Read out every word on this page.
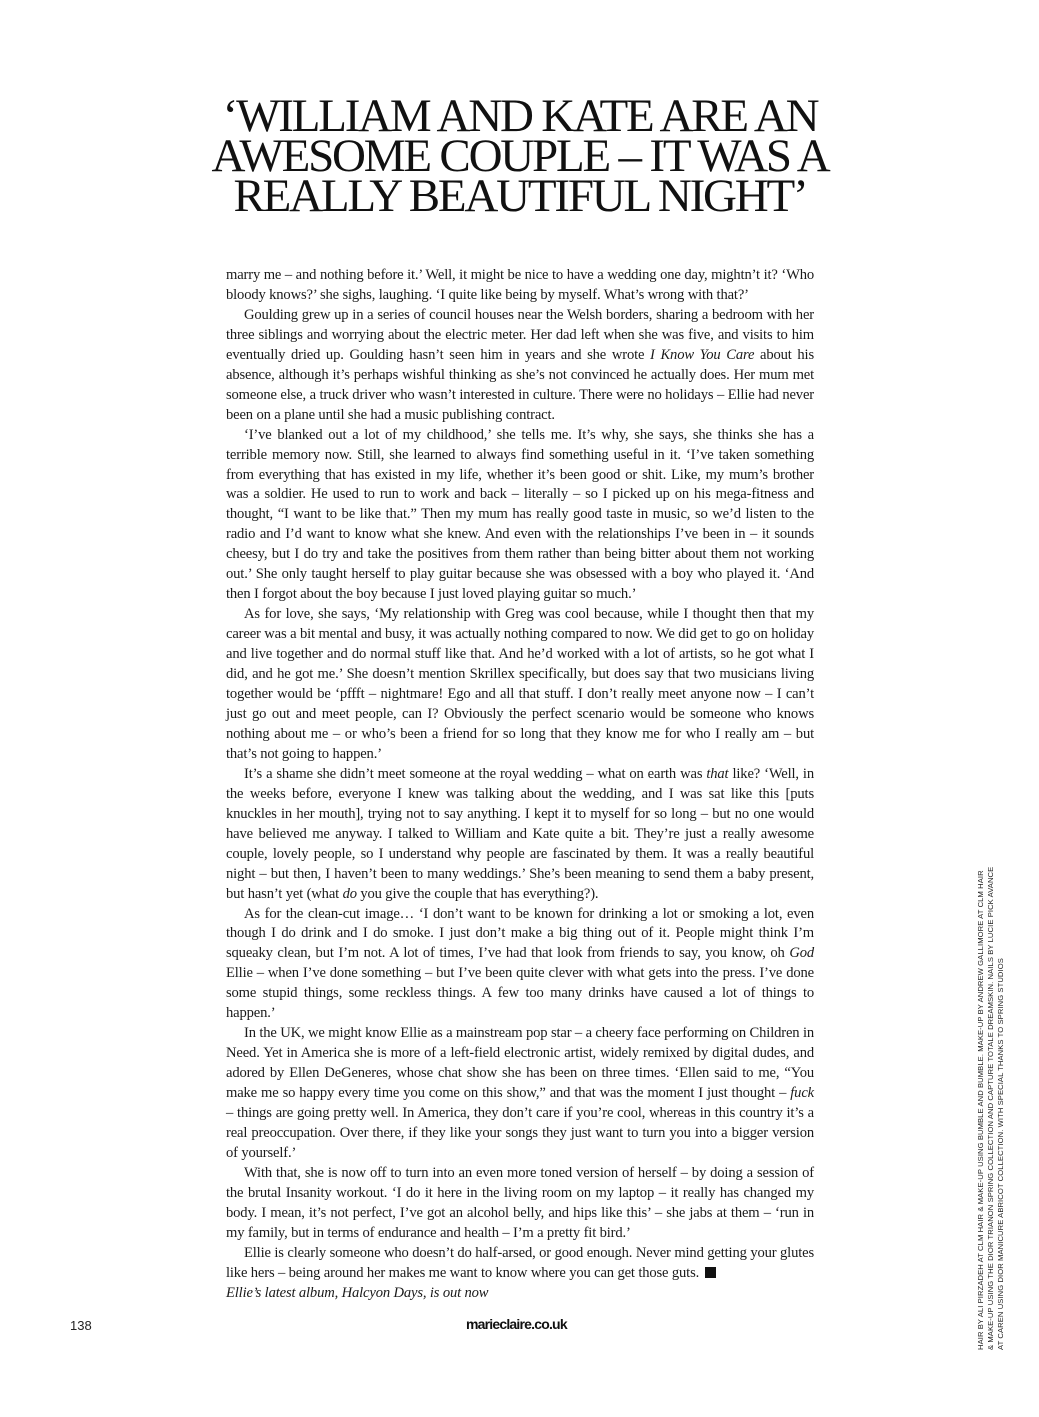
‘WILLIAM AND KATE ARE AN
AWESOME COUPLE – IT WAS A
REALLY BEAUTIFUL NIGHT’

marry me – and nothing before it.’ Well, it might be nice to have a wedding one day, mightn’t it? ‘Who bloody knows?’ she sighs, laughing. ‘I quite like being by myself. What’s wrong with that?’

Goulding grew up in a series of council houses near the Welsh borders, sharing a bedroom with her three siblings and worrying about the electric meter. Her dad left when she was five, and visits to him eventually dried up. Goulding hasn’t seen him in years and she wrote I Know You Care about his absence, although it’s perhaps wishful thinking as she’s not convinced he actually does. Her mum met someone else, a truck driver who wasn’t interested in culture. There were no holidays – Ellie had never been on a plane until she had a music publishing contract.

‘I’ve blanked out a lot of my childhood,’ she tells me. It’s why, she says, she thinks she has a terrible memory now. Still, she learned to always find something useful in it. ‘I’ve taken something from everything that has existed in my life, whether it’s been good or shit. Like, my mum’s brother was a soldier. He used to run to work and back – literally – so I picked up on his mega-fitness and thought, “I want to be like that.” Then my mum has really good taste in music, so we’d listen to the radio and I’d want to know what she knew. And even with the relationships I’ve been in – it sounds cheesy, but I do try and take the positives from them rather than being bitter about them not working out.’ She only taught herself to play guitar because she was obsessed with a boy who played it. ‘And then I forgot about the boy because I just loved playing guitar so much.’

As for love, she says, ‘My relationship with Greg was cool because, while I thought then that my career was a bit mental and busy, it was actually nothing compared to now. We did get to go on holiday and live together and do normal stuff like that. And he’d worked with a lot of artists, so he got what I did, and he got me.’ She doesn’t mention Skrillex specifically, but does say that two musicians living together would be ‘pffft – nightmare! Ego and all that stuff. I don’t really meet anyone now – I can’t just go out and meet people, can I? Obviously the perfect scenario would be someone who knows nothing about me – or who’s been a friend for so long that they know me for who I really am – but that’s not going to happen.’

It’s a shame she didn’t meet someone at the royal wedding – what on earth was that like? ‘Well, in the weeks before, everyone I knew was talking about the wedding, and I was sat like this [puts knuckles in her mouth], trying not to say anything. I kept it to myself for so long – but no one would have believed me anyway. I talked to William and Kate quite a bit. They’re just a really awesome couple, lovely people, so I understand why people are fascinated by them. It was a really beautiful night – but then, I haven’t been to many weddings.’ She’s been meaning to send them a baby present, but hasn’t yet (what do you give the couple that has everything?).

As for the clean-cut image… ‘I don’t want to be known for drinking a lot or smoking a lot, even though I do drink and I do smoke. I just don’t make a big thing out of it. People might think I’m squeaky clean, but I’m not. A lot of times, I’ve had that look from friends to say, you know, oh God Ellie – when I’ve done something – but I’ve been quite clever with what gets into the press. I’ve done some stupid things, some reckless things. A few too many drinks have caused a lot of things to happen.’

In the UK, we might know Ellie as a mainstream pop star – a cheery face performing on Children in Need. Yet in America she is more of a left-field electronic artist, widely remixed by digital dudes, and adored by Ellen DeGeneres, whose chat show she has been on three times. ‘Ellen said to me, “You make me so happy every time you come on this show,” and that was the moment I just thought – fuck – things are going pretty well. In America, they don’t care if you’re cool, whereas in this country it’s a real preoccupation. Over there, if they like your songs they just want to turn you into a bigger version of yourself.’

With that, she is now off to turn into an even more toned version of herself – by doing a session of the brutal Insanity workout. ‘I do it here in the living room on my laptop – it really has changed my body. I mean, it’s not perfect, I’ve got an alcohol belly, and hips like this’ – she jabs at them – ‘run in my family, but in terms of endurance and health – I’m a pretty fit bird.’

Ellie is clearly someone who doesn’t do half-arsed, or good enough. Never mind getting your glutes like hers – being around her makes me want to know where you can get those guts.

Ellie’s latest album, Halcyon Days, is out now

138	marieclaire.co.uk	HAIR BY ALI PIRZADEH AT CLM HAIR & MAKE-UP USING BUMBLE AND BUMBLE. MAKE-UP BY ANDREW GALLIMORE AT CLM HAIR & MAKE-UP USING THE DIOR TRIANON SPRING COLLECTION AND CAPTURE TOTALE DREAMSKIN. NAILS BY LUCIE PICK AVANCE AT CAREN USING DIOR MANICURE ABRICOT COLLECTION. WITH SPECIAL THANKS TO SPRING STUDIOS
